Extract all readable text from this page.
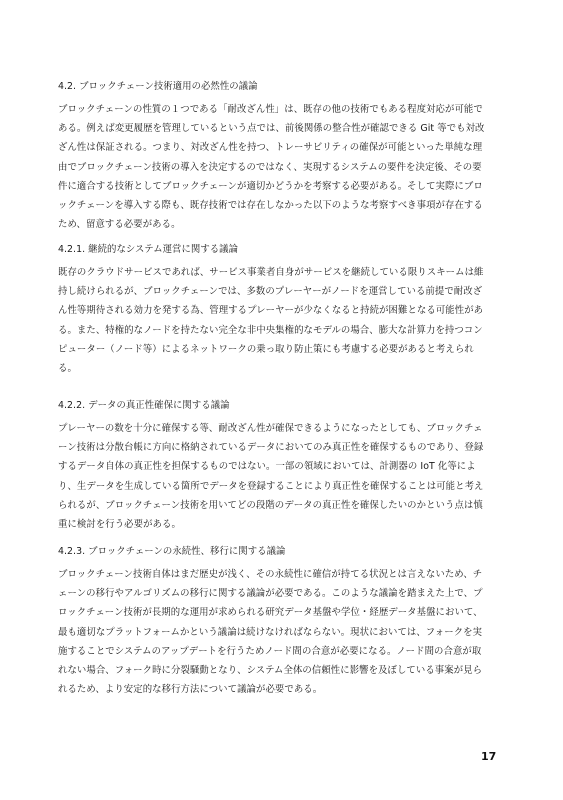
4.2. ブロックチェーン技術適用の必然性の議論
ブロックチェーンの性質の１つである「耐改ざん性」は、既存の他の技術でもある程度対応が可能で
ある。例えば変更履歴を管理しているという点では、前後関係の整合性が確認できる Git 等でも対改
ざん性は保証される。つまり、対改ざん性を持つ、トレーサビリティの確保が可能といった単純な理
由でブロックチェーン技術の導入を決定するのではなく、実現するシステムの要件を決定後、その要
件に適合する技術としてブロックチェーンが適切かどうかを考察する必要がある。そして実際にブロ
ックチェーンを導入する際も、既存技術では存在しなかった以下のような考察すべき事項が存在する
ため、留意する必要がある。
4.2.1. 継続的なシステム運営に関する議論
既存のクラウドサービスであれば、サービス事業者自身がサービスを継続している限りスキームは維
持し続けられるが、ブロックチェーンでは、多数のプレーヤーがノードを運営している前提で耐改ざ
ん性等期待される効力を発する為、管理するプレーヤーが少なくなると持続が困難となる可能性があ
る。また、特権的なノードを持たない完全な非中央集権的なモデルの場合、膨大な計算力を持つコン
ピューター（ノード等）によるネットワークの乗っ取り防止策にも考慮する必要があると考えられ
る。
4.2.2. データの真正性確保に関する議論
プレーヤーの数を十分に確保する等、耐改ざん性が確保できるようになったとしても、ブロックチェ
ーン技術は分散台帳に方向に格納されているデータにおいてのみ真正性を確保するものであり、登録
するデータ自体の真正性を担保するものではない。一部の領域においては、計測器の IoT 化等によ
り、生データを生成している箇所でデータを登録することにより真正性を確保することは可能と考え
られるが、ブロックチェーン技術を用いてどの段階のデータの真正性を確保したいのかという点は慎
重に検討を行う必要がある。
4.2.3. ブロックチェーンの永続性、移行に関する議論
ブロックチェーン技術自体はまだ歴史が浅く、その永続性に確信が持てる状況とは言えないため、チ
ェーンの移行やアルゴリズムの移行に関する議論が必要である。このような議論を踏まえた上で、プ
ロックチェーン技術が長期的な運用が求められる研究データ基盤や学位・経歴データ基盤において、
最も適切なプラットフォームかという議論は続けなければならない。現状においては、フォークを実
施することでシステムのアップデートを行うためノード間の合意が必要になる。ノード間の合意が取
れない場合、フォーク時に分裂騒動となり、システム全体の信頼性に影響を及ぼしている事案が見ら
れるため、より安定的な移行方法について議論が必要である。
17
